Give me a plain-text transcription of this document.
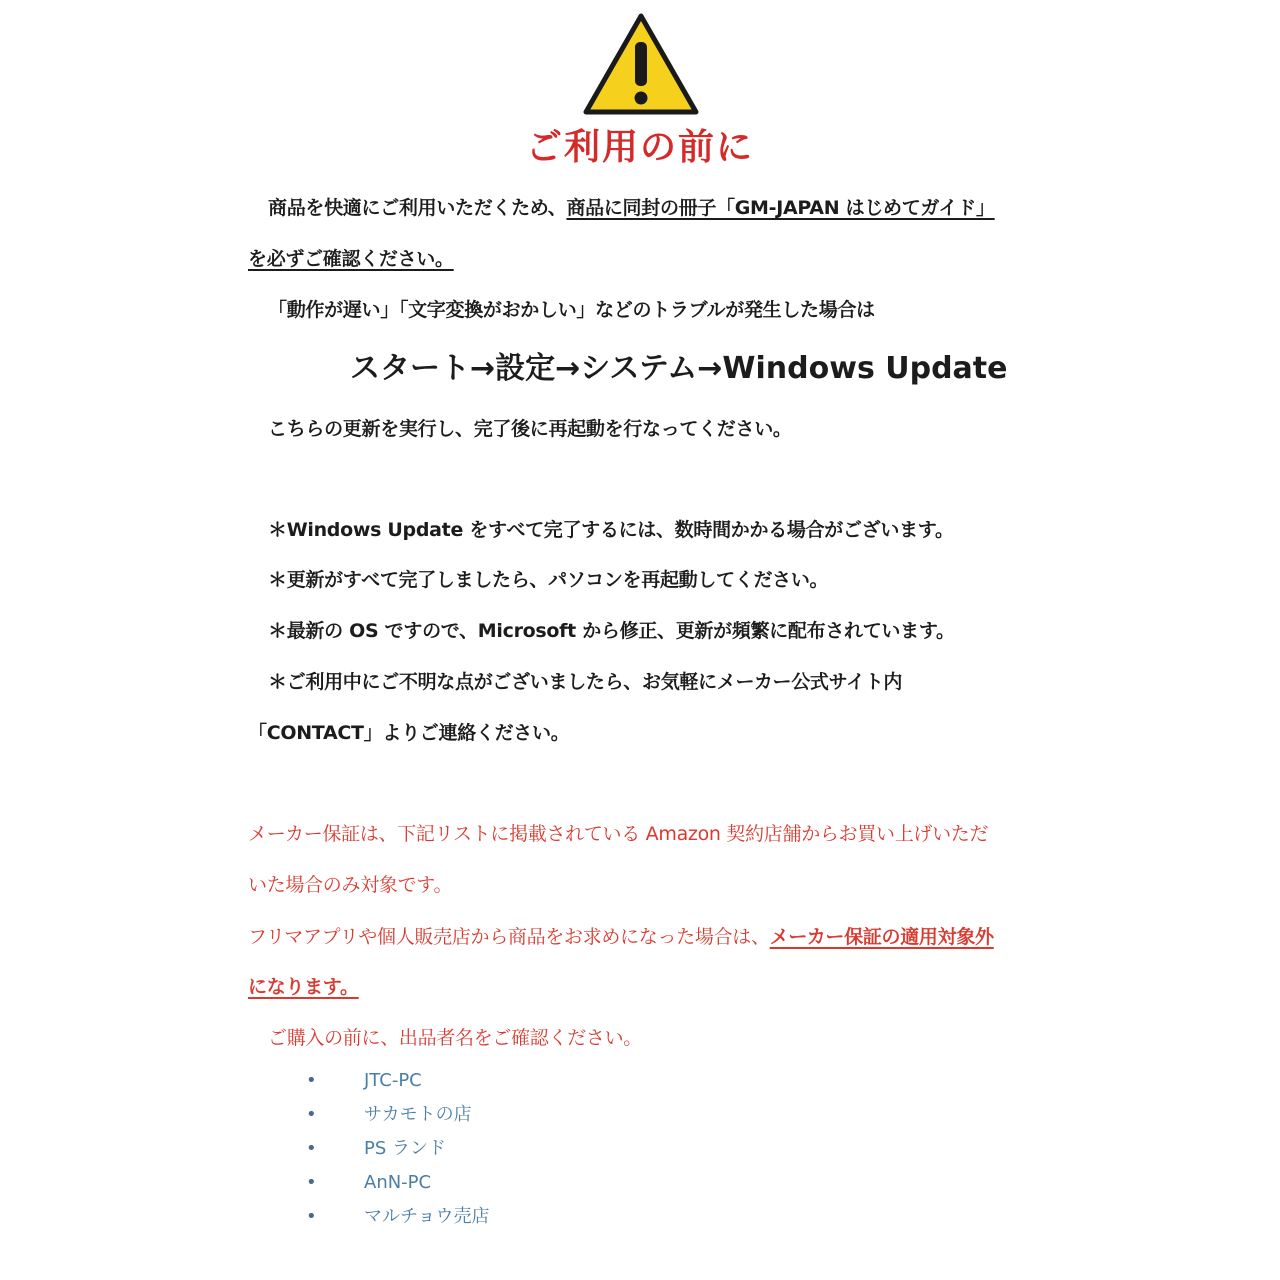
ご利用の前に
商品を快適にご利用いただくため、商品に同封の冊子「GM-JAPAN はじめてガイド」
を必ずご確認ください。
「動作が遅い」「文字変換がおかしい」などのトラブルが発生した場合は
スタート→設定→システム→Windows Update
こちらの更新を実行し、完了後に再起動を行なってください。
＊Windows Update をすべて完了するには、数時間かかる場合がございます。
＊更新がすべて完了しましたら、パソコンを再起動してください。
＊最新の OS ですので、Microsoft から修正、更新が頻繁に配布されています。
＊ご利用中にご不明な点がございましたら、お気軽にメーカー公式サイト内
「CONTACT」よりご連絡ください。
メーカー保証は、下記リストに掲載されている Amazon 契約店舗からお買い上げいただ
いた場合のみ対象です。
フリマアプリや個人販売店から商品をお求めになった場合は、メーカー保証の適用対象外
になります。
ご購入の前に、出品者名をご確認ください。
•	JTC-PC
•	サカモトの店
•	PS ランド
•	AnN-PC
•	マルチョウ売店
